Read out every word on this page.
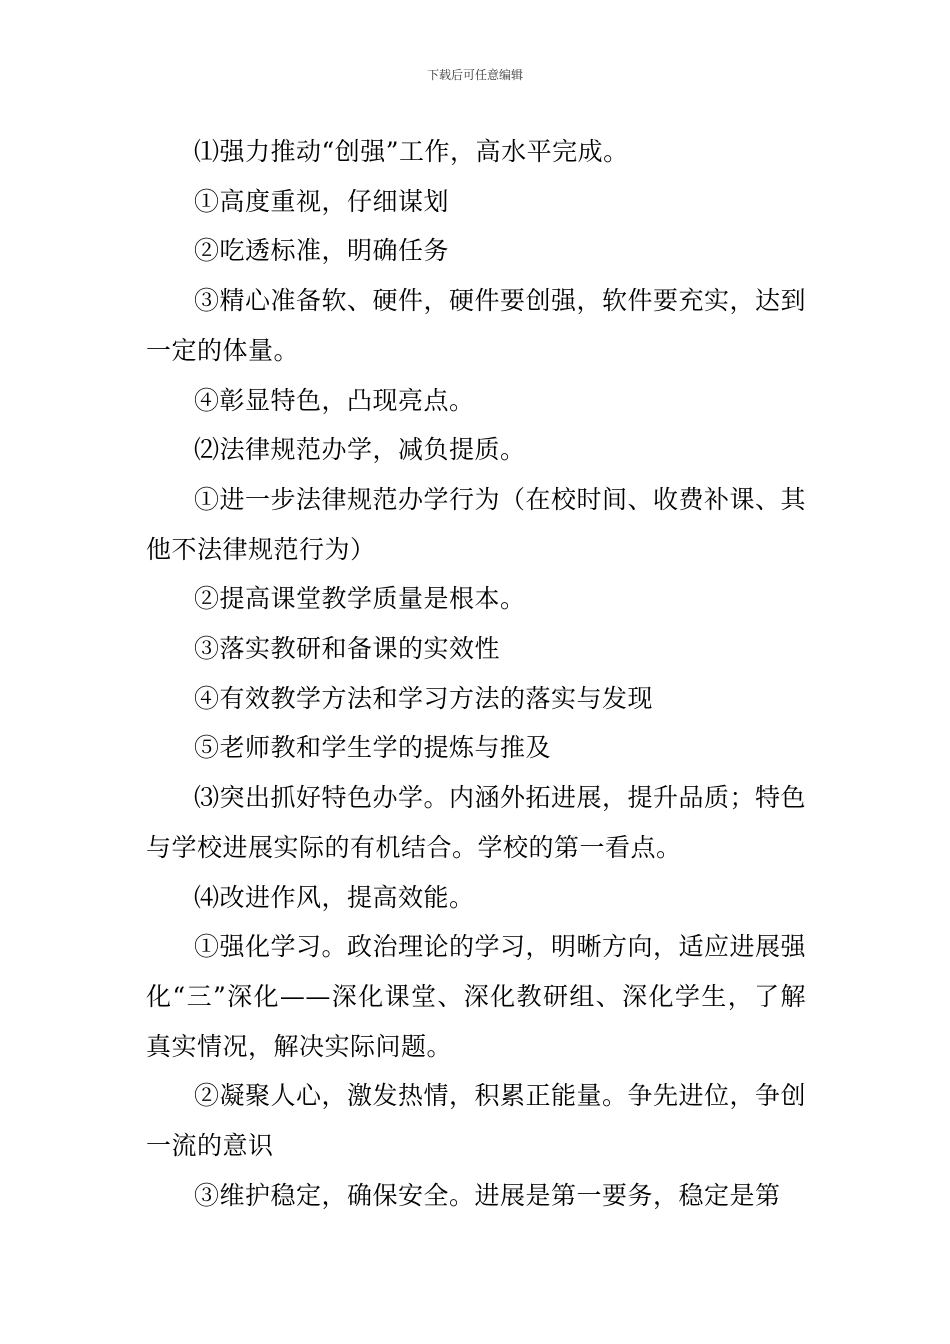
下载后可任意编辑

⑴强力推动“创强”工作，高水平完成。

①高度重视，仔细谋划

②吃透标准，明确任务

③精心准备软、硬件，硬件要创强，软件要充实，达到一定的体量。

④彰显特色，凸现亮点。

⑵法律规范办学，减负提质。

①进一步法律规范办学行为（在校时间、收费补课、其他不法律规范行为）

②提高课堂教学质量是根本。

③落实教研和备课的实效性

④有效教学方法和学习方法的落实与发现

⑤老师教和学生学的提炼与推及

⑶突出抓好特色办学。内涵外拓进展，提升品质；特色与学校进展实际的有机结合。学校的第一看点。

⑷改进作风，提高效能。

①强化学习。政治理论的学习，明晰方向，适应进展强化“三”深化——深化课堂、深化教研组、深化学生，了解真实情况，解决实际问题。

②凝聚人心，激发热情，积累正能量。争先进位，争创一流的意识

③维护稳定，确保安全。进展是第一要务，稳定是第
